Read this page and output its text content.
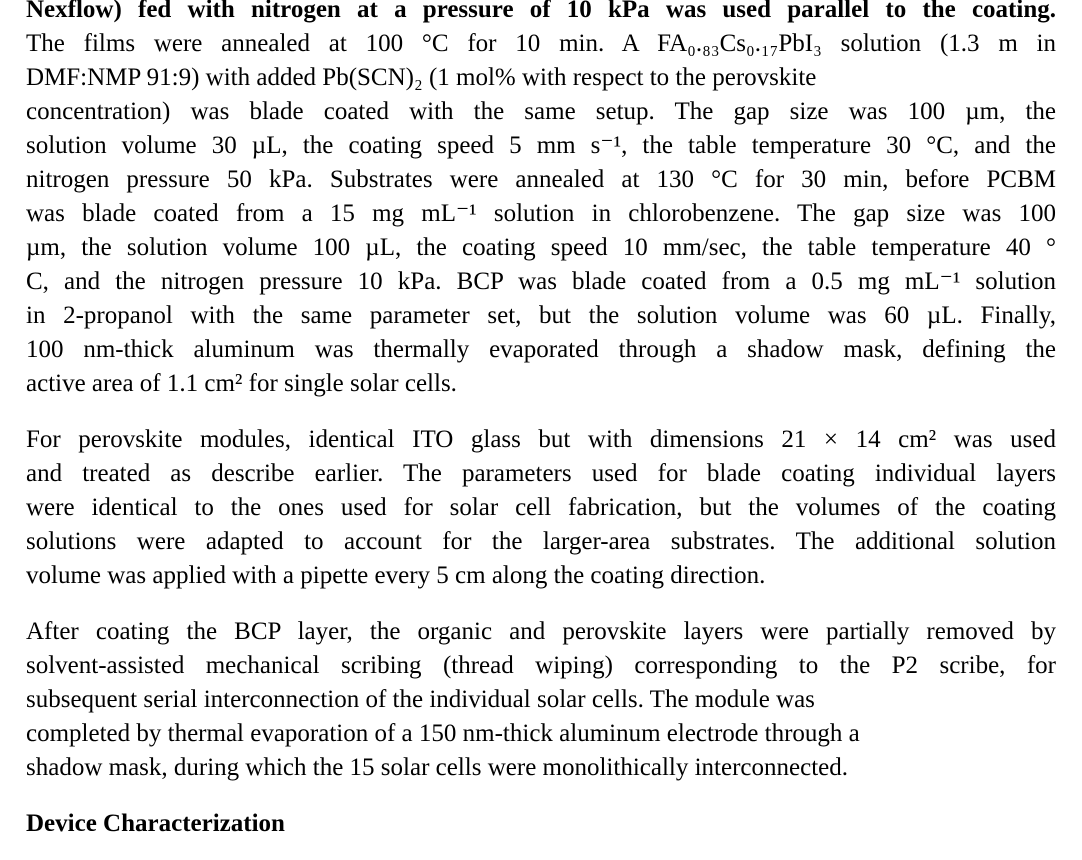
Nexflow) fed with nitrogen at a pressure of 10 kPa was used parallel to the coating.
The films were annealed at 100 °C for 10 min. A FA₀.₈₃Cs₀.₁₇PbI₃ solution (1.3 m in
DMF:NMP 91:9) with added Pb(SCN)₂ (1 mol% with respect to the perovskite
concentration) was blade coated with the same setup. The gap size was 100 µm, the
solution volume 30 µL, the coating speed 5 mm s⁻¹, the table temperature 30 °C, and the
nitrogen pressure 50 kPa. Substrates were annealed at 130 °C for 30 min, before PCBM
was blade coated from a 15 mg mL⁻¹ solution in chlorobenzene. The gap size was 100
µm, the solution volume 100 µL, the coating speed 10 mm/sec, the table temperature 40 °
C, and the nitrogen pressure 10 kPa. BCP was blade coated from a 0.5 mg mL⁻¹ solution
in 2-propanol with the same parameter set, but the solution volume was 60 µL. Finally,
100 nm-thick aluminum was thermally evaporated through a shadow mask, defining the
active area of 1.1 cm² for single solar cells.
For perovskite modules, identical ITO glass but with dimensions 21 × 14 cm² was used
and treated as describe earlier. The parameters used for blade coating individual layers
were identical to the ones used for solar cell fabrication, but the volumes of the coating
solutions were adapted to account for the larger-area substrates. The additional solution
volume was applied with a pipette every 5 cm along the coating direction.
After coating the BCP layer, the organic and perovskite layers were partially removed by
solvent-assisted mechanical scribing (thread wiping) corresponding to the P2 scribe, for
subsequent serial interconnection of the individual solar cells. The module was
completed by thermal evaporation of a 150 nm-thick aluminum electrode through a
shadow mask, during which the 15 solar cells were monolithically interconnected.
Device Characterization
